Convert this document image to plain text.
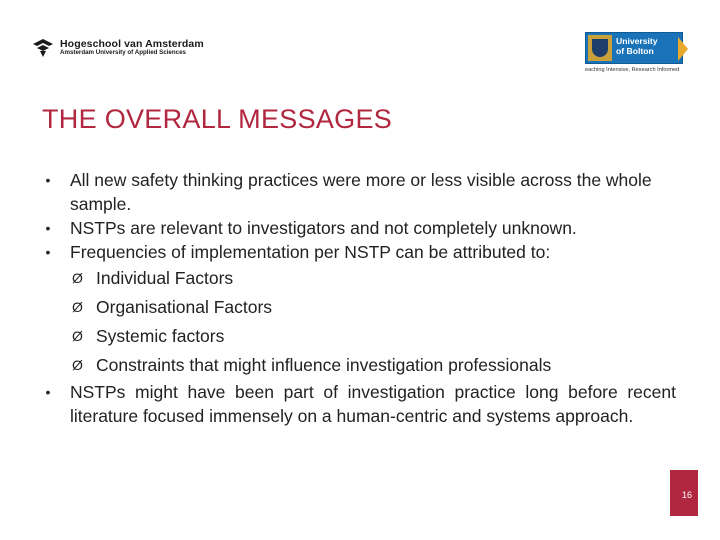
Hogeschool van Amsterdam
Amsterdam University of Applied Sciences
University
of Bolton
eaching Intensive, Research Informed
THE OVERALL MESSAGES
•	All new safety thinking practices were more or less visible across the whole sample.
•	NSTPs are relevant to investigators and not completely unknown.
•	Frequencies of implementation per NSTP can be attributed to:
Ø Individual Factors
Ø Organisational Factors
Ø Systemic factors
Ø Constraints that might influence investigation professionals
•	NSTPs might have been part of investigation practice long before recent literature focused immensely on a human-centric and systems approach.
16
